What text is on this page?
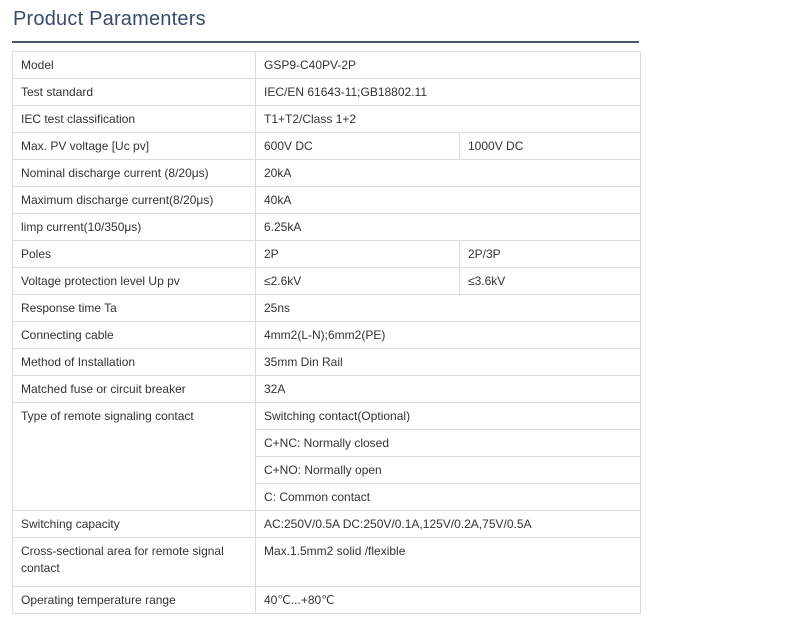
Product Paramenters
Model	GSP9-C40PV-2P	
Test standard	IEC/EN 61643-11;GB18802.11	
IEC test classification	T1+T2/Class 1+2	
Max. PV voltage [Uc pv]	600V DC	1000V DC
Nominal discharge current (8/20μs)	20kA	
Maximum discharge current(8/20μs)	40kA	
limp current(10/350μs)	6.25kA	
Poles	2P	2P/3P
Voltage protection level Up pv	≤2.6kV	≤3.6kV
Response time Ta	25ns	
Connecting cable	4mm2(L-N);6mm2(PE)	
Method of Installation	35mm Din Rail	
Matched fuse or circuit breaker	32A	
Type of remote signaling contact	Switching contact(Optional)	
	C+NC: Normally closed	
	C+NO: Normally open	
	C: Common contact	
Switching capacity	AC:250V/0.5A DC:250V/0.1A,125V/0.2A,75V/0.5A	
Cross-sectional area for remote signal contact	Max.1.5mm2 solid /flexible	
Operating temperature range	40℃...+80℃	
